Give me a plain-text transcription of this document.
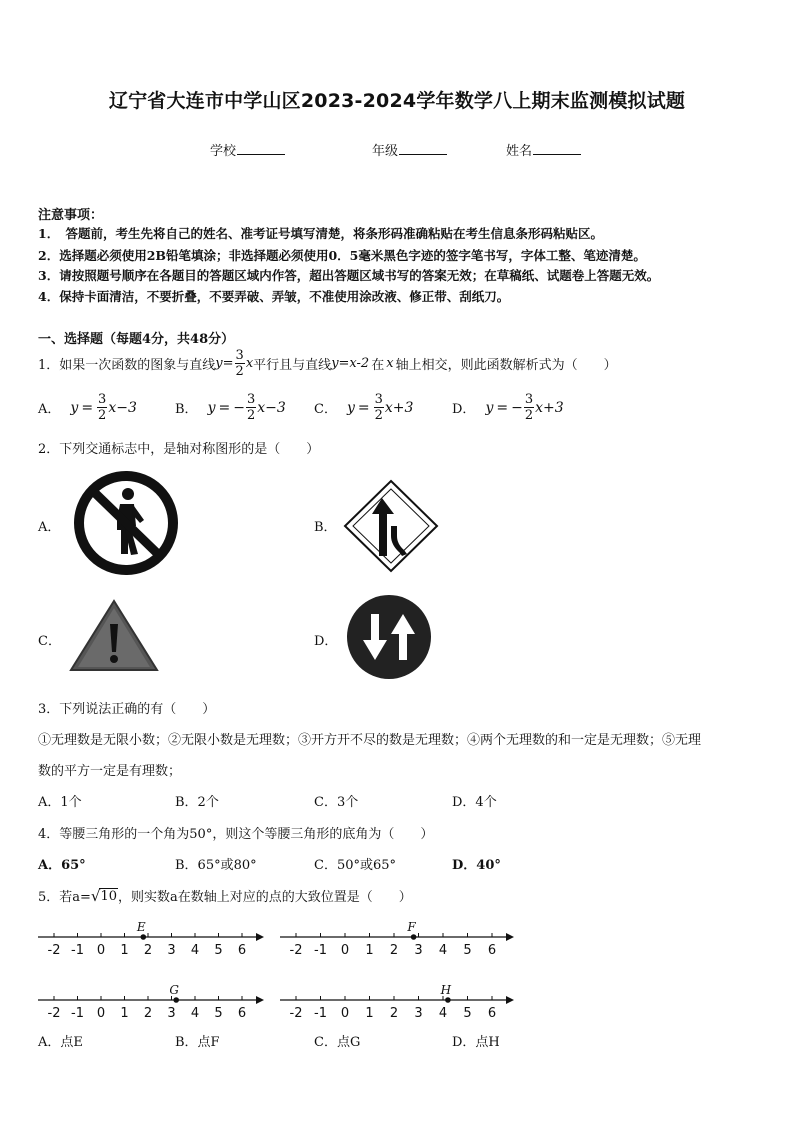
辽宁省大连市中学山区2023-2024学年数学八上期末监测模拟试题
学校	年级	姓名
注意事项：
1．　答题前，考生先将自己的姓名、准考证号填写清楚，将条形码准确粘贴在考生信息条形码粘贴区。
2．选择题必须使用2B铅笔填涂；非选择题必须使用0．5毫米黑色字迹的签字笔书写，字体工整、笔迹清楚。
3．请按照题号顺序在各题目的答题区域内作答，超出答题区域书写的答案无效；在草稿纸、试题卷上答题无效。
4．保持卡面清洁，不要折叠，不要弄破、弄皱，不准使用涂改液、修正带、刮纸刀。
一、选择题（每题4分，共48分）
1．如果一次函数的图象与直线 $y = \frac{3}{2}$ x 平行且与直线 y=x-2 在 x 轴上相交，则此函数解析式为（　　）
A． $y = \frac{3}{2} x-3$	B． y = − $\frac{3}{2} x-3$ C． $y = \frac{3}{2} x+3$	D． y = − $\frac{3}{2} x+3$
2．下列交通标志中，是轴对称图形的是（　　）
A．	B．
C．	D．
3．下列说法正确的有（　　）
①无理数是无限小数；②无限小数是无理数；③开方开不尽的数是无理数；④两个无理数的和一定是无理数；⑤无理
数的平方一定是有理数；
A．1个	B．2个	C．3个	D．4个
4．等腰三角形的一个角为50°，则这个等腰三角形的底角为（　　）
A．65°	B．65°或80°	C．50°或65°	D．40°
5．若a= √ 10 ，则实数a在数轴上对应的点的大致位置是（　　）
-2 -1 0 1 2 3 4 5 6
E
-2 -1 0 1 2 3 4 5 6
F
-2 -1 0 1 2 3 4 5 6
G
-2 -1 0 1 2 3 4 5 6
H
A．点E	B．点F	C．点G	D．点H
